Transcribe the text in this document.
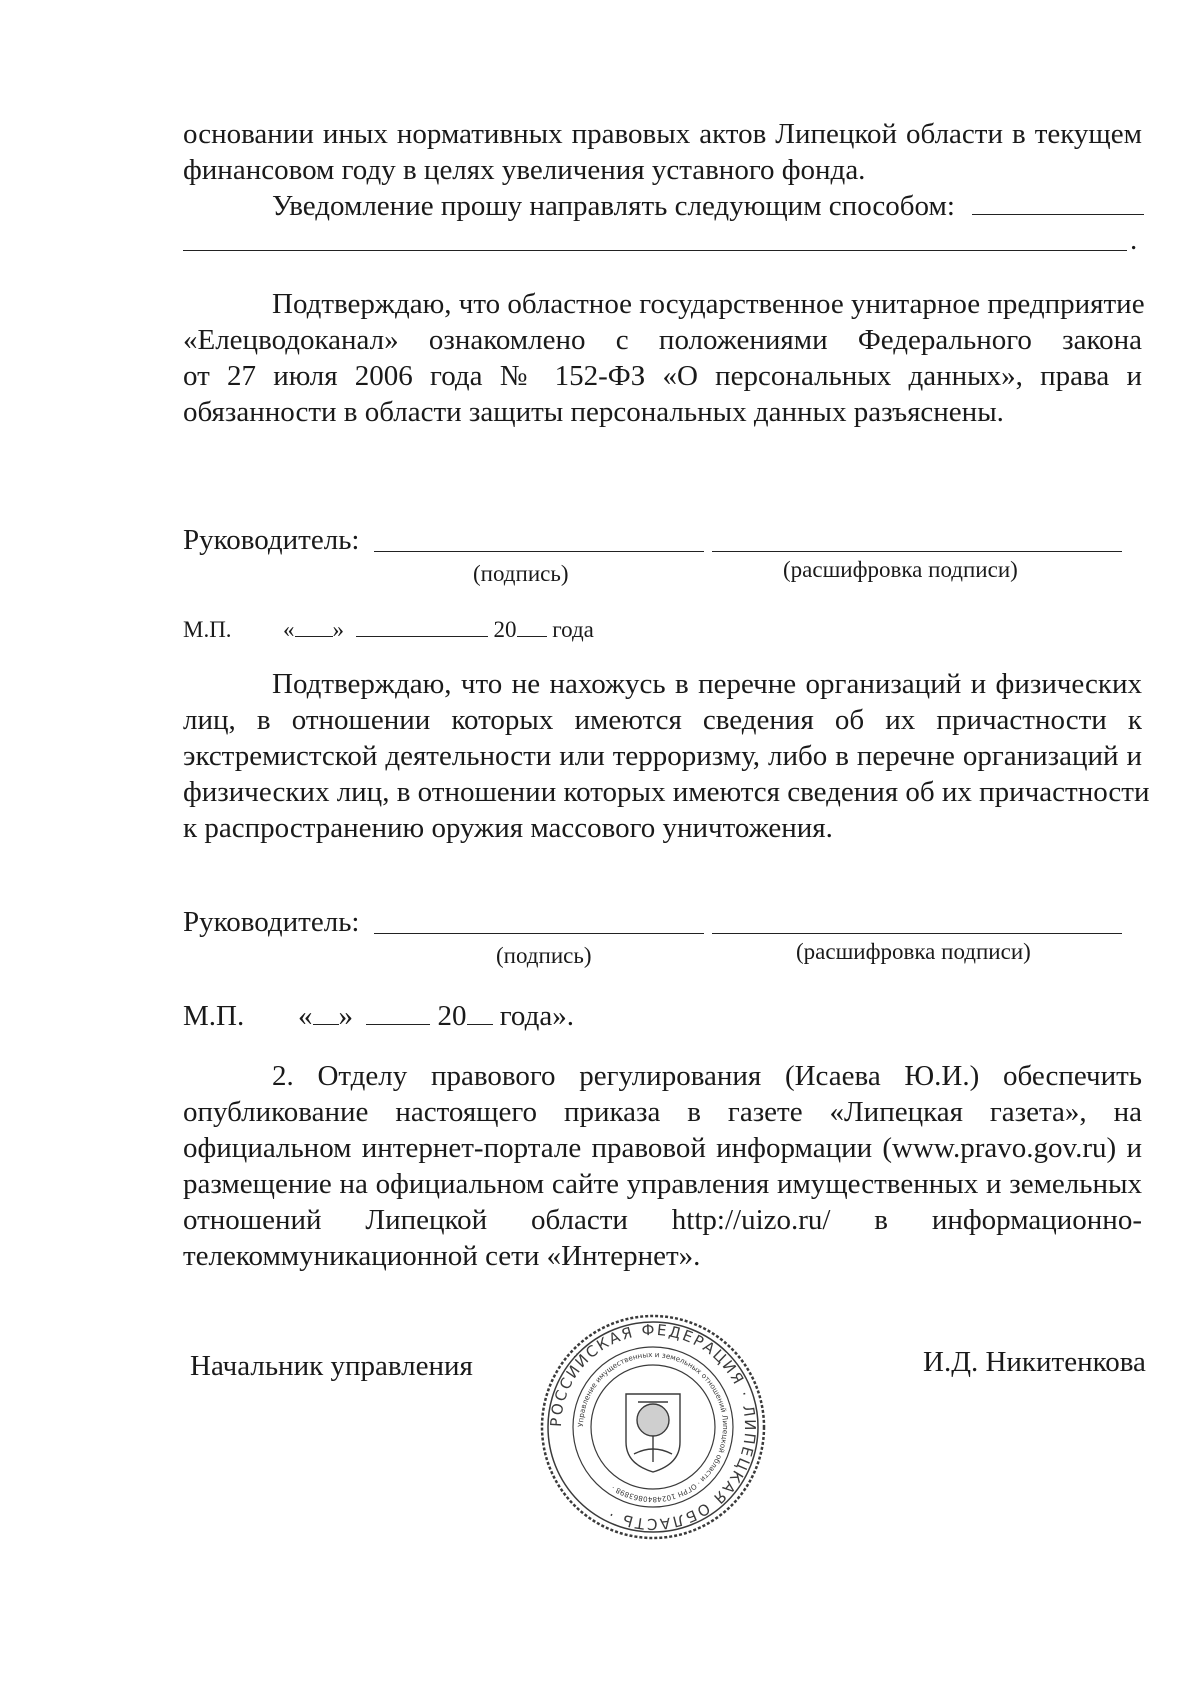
основании иных нормативных правовых актов Липецкой области в текущем
финансовом году в целях увеличения уставного фонда.
Уведомление прошу направлять следующим способом:
.
Подтверждаю, что областное государственное унитарное предприятие
«Елецводоканал» ознакомлено с положениями Федерального закона
от 27 июля 2006 года № 152-ФЗ «О персональных данных», права и
обязанности в области защиты персональных данных разъяснены.
Руководитель:
(подпись)	(расшифровка подписи)
М.П. « »	20 года
Подтверждаю, что не нахожусь в перечне организаций и физических
лиц, в отношении которых имеются сведения об их причастности к
экстремистской деятельности или терроризму, либо в перечне организаций и
физических лиц, в отношении которых имеются сведения об их причастности
к распространению оружия массового уничтожения.
Руководитель:
(подпись)	(расшифровка подписи)
М.П. « »	20 года».
2. Отделу правового регулирования (Исаева Ю.И.) обеспечить
опубликование настоящего приказа в газете «Липецкая газета», на
официальном интернет-портале правовой информации (www.pravo.gov.ru) и
размещение на официальном сайте управления имущественных и земельных
отношений Липецкой области http://uizo.ru/ в информационно-
телекоммуникационной сети «Интернет».
Начальник управления	И.Д. Никитенкова
РОССИЙСКАЯ ФЕДЕРАЦИЯ · ЛИПЕЦКАЯ ОБЛАСТЬ ·
Управление имущественных и земельных отношений Липецкой области · ОГРН 1024840863898 ·
